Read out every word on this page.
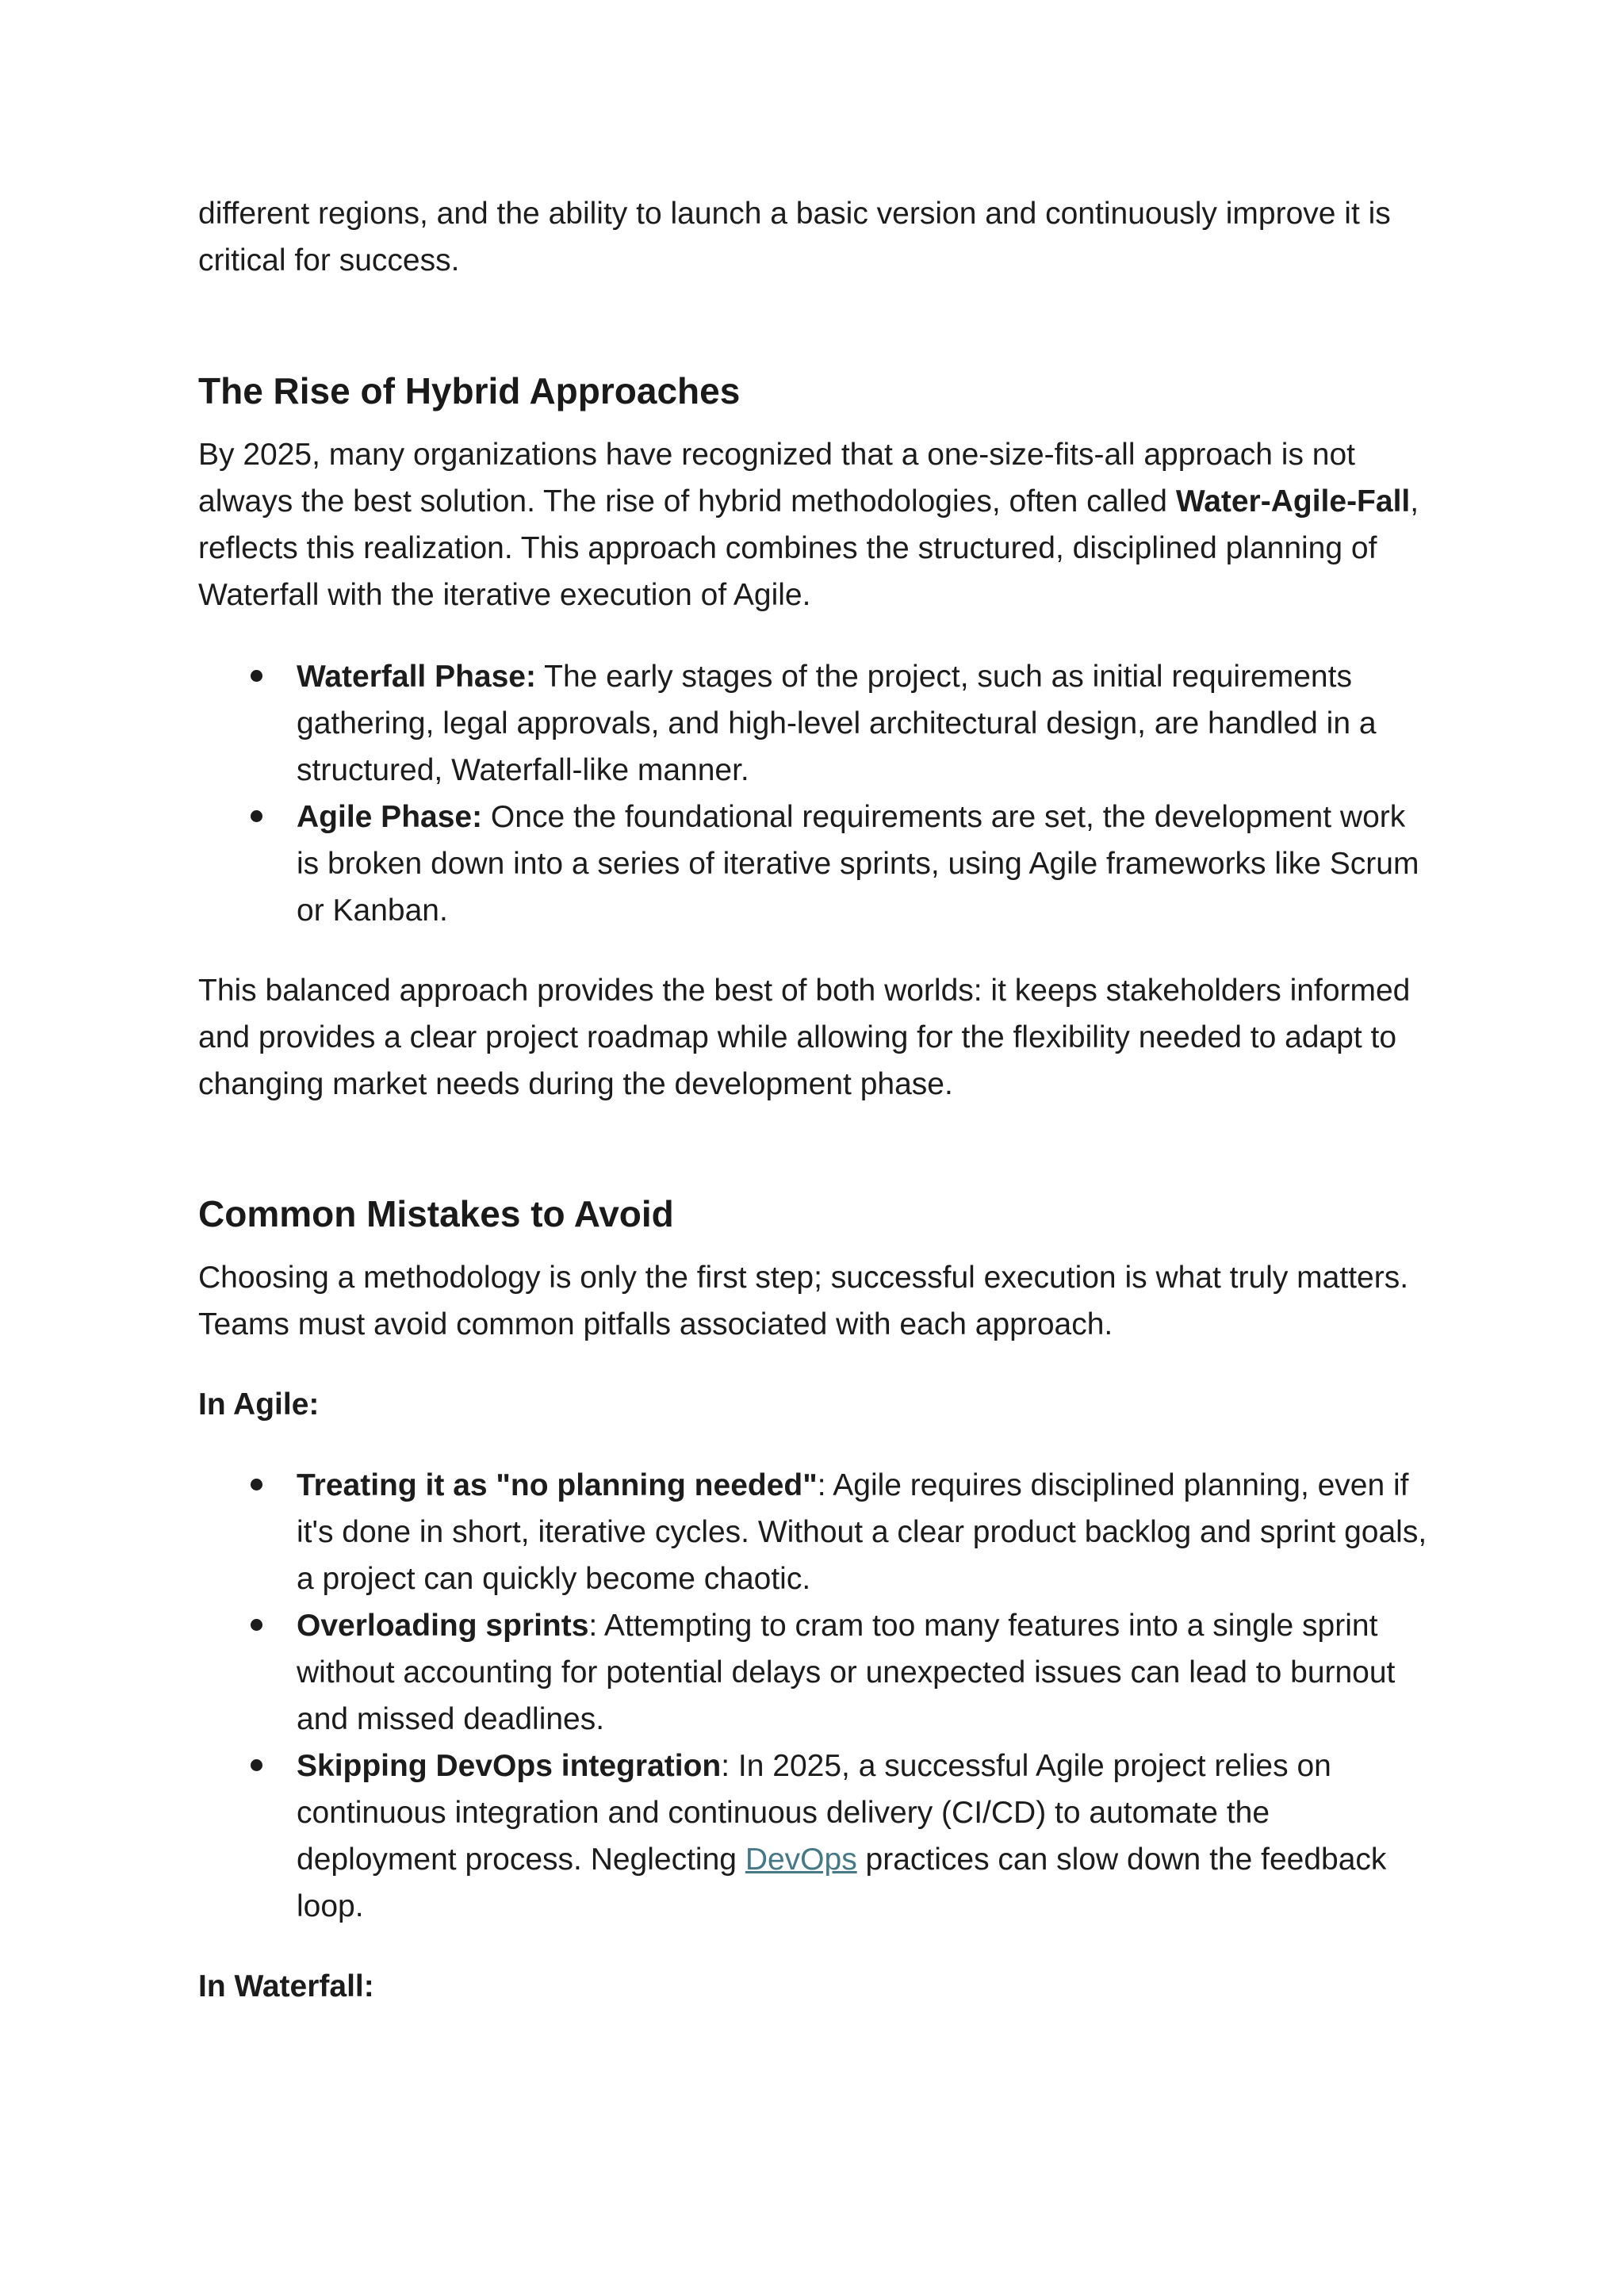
different regions, and the ability to launch a basic version and continuously improve it is critical for success.

The Rise of Hybrid Approaches

By 2025, many organizations have recognized that a one-size-fits-all approach is not always the best solution. The rise of hybrid methodologies, often called Water-Agile-Fall, reflects this realization. This approach combines the structured, disciplined planning of Waterfall with the iterative execution of Agile.

Waterfall Phase: The early stages of the project, such as initial requirements gathering, legal approvals, and high-level architectural design, are handled in a structured, Waterfall-like manner.
Agile Phase: Once the foundational requirements are set, the development work is broken down into a series of iterative sprints, using Agile frameworks like Scrum or Kanban.

This balanced approach provides the best of both worlds: it keeps stakeholders informed and provides a clear project roadmap while allowing for the flexibility needed to adapt to changing market needs during the development phase.

Common Mistakes to Avoid

Choosing a methodology is only the first step; successful execution is what truly matters. Teams must avoid common pitfalls associated with each approach.

In Agile:

Treating it as "no planning needed": Agile requires disciplined planning, even if it's done in short, iterative cycles. Without a clear product backlog and sprint goals, a project can quickly become chaotic.
Overloading sprints: Attempting to cram too many features into a single sprint without accounting for potential delays or unexpected issues can lead to burnout and missed deadlines.
Skipping DevOps integration: In 2025, a successful Agile project relies on continuous integration and continuous delivery (CI/CD) to automate the deployment process. Neglecting DevOps practices can slow down the feedback loop.

In Waterfall:
